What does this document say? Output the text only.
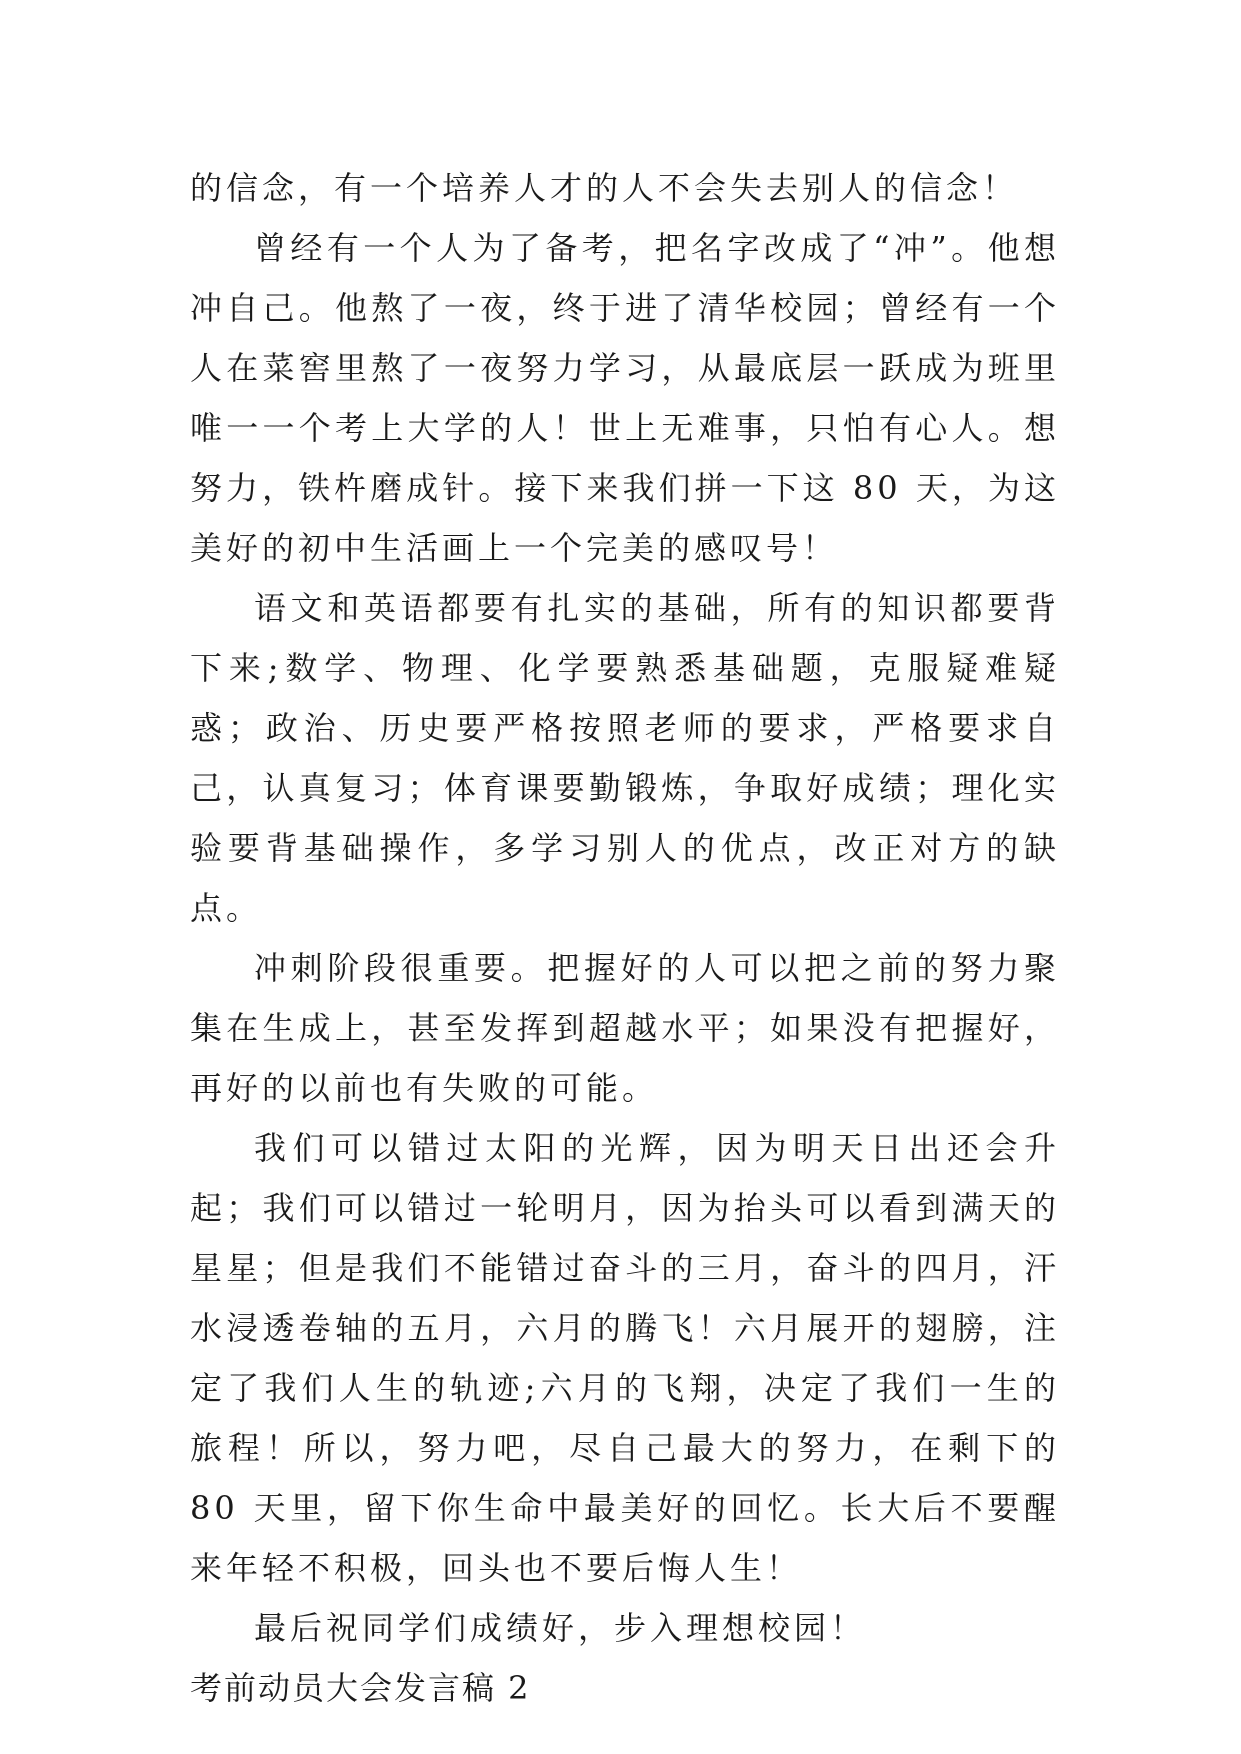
的信念，有一个培养人才的人不会失去别人的信念！

曾经有一个人为了备考，把名字改成了“冲”。他想冲自己。他熬了一夜，终于进了清华校园；曾经有一个人在菜窖里熬了一夜努力学习，从最底层一跃成为班里唯一一个考上大学的人！世上无难事，只怕有心人。想努力，铁杵磨成针。接下来我们拼一下这 80 天，为这美好的初中生活画上一个完美的感叹号！

语文和英语都要有扎实的基础，所有的知识都要背下来;数学、物理、化学要熟悉基础题，克服疑难疑惑；政治、历史要严格按照老师的要求，严格要求自己，认真复习；体育课要勤锻炼，争取好成绩；理化实验要背基础操作，多学习别人的优点，改正对方的缺点。

冲刺阶段很重要。把握好的人可以把之前的努力聚集在生成上，甚至发挥到超越水平；如果没有把握好，再好的以前也有失败的可能。

我们可以错过太阳的光辉，因为明天日出还会升起；我们可以错过一轮明月，因为抬头可以看到满天的星星；但是我们不能错过奋斗的三月，奋斗的四月，汗水浸透卷轴的五月，六月的腾飞！六月展开的翅膀，注定了我们人生的轨迹;六月的飞翔，决定了我们一生的旅程！所以，努力吧，尽自己最大的努力，在剩下的 80 天里，留下你生命中最美好的回忆。长大后不要醒来年轻不积极，回头也不要后悔人生！

最后祝同学们成绩好，步入理想校园！

考前动员大会发言稿 2
